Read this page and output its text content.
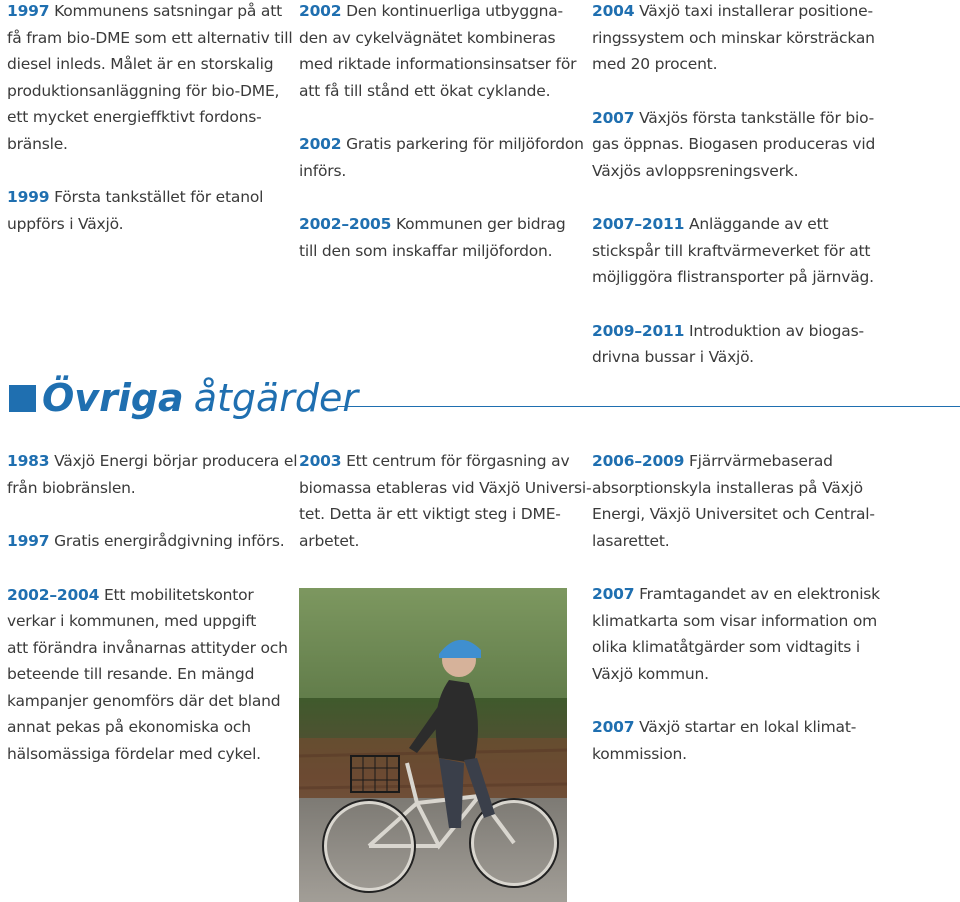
1997 Kommunens satsningar på att
få fram bio-DME som ett alternativ till
diesel inleds. Målet är en storskalig
produktionsanläggning för bio-DME,
ett mycket energieffktivt fordons-
bränsle.
1999 Första tankstället för etanol
uppförs i Växjö.
2002 Den kontinuerliga utbyggna-
den av cykelvägnätet kombineras
med riktade informationsinsatser för
att få till stånd ett ökat cyklande.
2002 Gratis parkering för miljöfordon
införs.
2002–2005 Kommunen ger bidrag
till den som inskaffar miljöfordon.
2004 Växjö taxi installerar positione-
ringssystem och minskar körsträckan
med 20 procent.
2007 Växjös första tankställe för bio-
gas öppnas. Biogasen produceras vid
Växjös avloppsreningsverk.
2007–2011 Anläggande av ett
stickspår till kraftvärmeverket för att
möjliggöra flistransporter på järnväg.
2009–2011 Introduktion av biogas-
drivna bussar i Växjö.
Övriga åtgärder
1983 Växjö Energi börjar producera el
från biobränslen.
1997 Gratis energirådgivning införs.
2002–2004 Ett mobilitetskontor
verkar i kommunen, med uppgift
att förändra invånarnas attityder och
beteende till resande. En mängd
kampanjer genomförs där det bland
annat pekas på ekonomiska och
hälsomässiga fördelar med cykel.
2003 Ett centrum för förgasning av
biomassa etableras vid Växjö Universi-
tet. Detta är ett viktigt steg i DME-
arbetet.
2006–2009 Fjärrvärmebaserad
absorptionskyla installeras på Växjö
Energi, Växjö Universitet och Central-
lasarettet.
2007 Framtagandet av en elektronisk
klimatkarta som visar information om
olika klimatåtgärder som vidtagits i
Växjö kommun.
2007 Växjö startar en lokal klimat-
kommission.
